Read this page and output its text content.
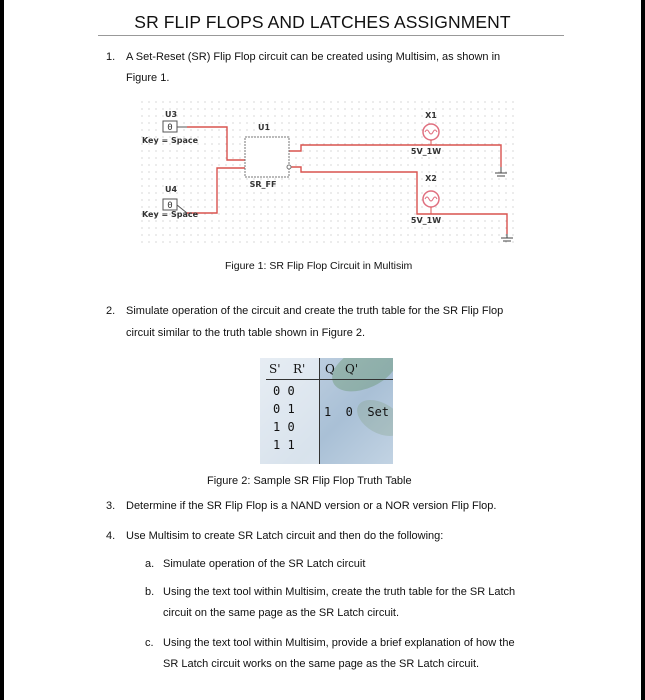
SR FLIP FLOPS AND LATCHES ASSIGNMENT
1. A Set-Reset (SR) Flip Flop circuit can be created using Multisim, as shown in
Figure 1.
0
0
U3
U4
Key = Space
Key = Space
U1
SR_FF
X1
5V_1W
X2
5V_1W
Figure 1: SR Flip Flop Circuit in Multisim
2. Simulate operation of the circuit and create the truth table for the SR Flip Flop
circuit similar to the truth table shown in Figure 2.
S' R' Q Q'
0 0
0 1
1 0
1 1
1  0  Set
Figure 2: Sample SR Flip Flop Truth Table
3. Determine if the SR Flip Flop is a NAND version or a NOR version Flip Flop.
4. Use Multisim to create SR Latch circuit and then do the following:
a. Simulate operation of the SR Latch circuit
b. Using the text tool within Multisim, create the truth table for the SR Latch
circuit on the same page as the SR Latch circuit.
c. Using the text tool within Multisim, provide a brief explanation of how the
SR Latch circuit works on the same page as the SR Latch circuit.
